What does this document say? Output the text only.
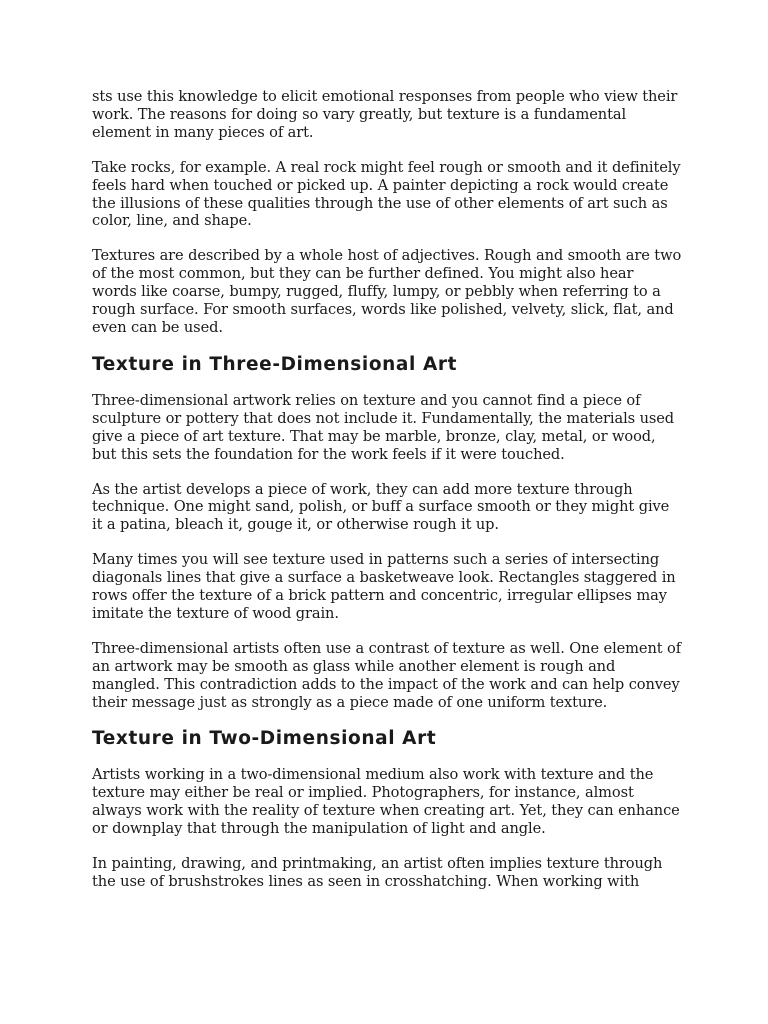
sts use this knowledge to elicit emotional responses from people who view their work. The reasons for doing so vary greatly, but texture is a fundamental element in many pieces of art.

Take rocks, for example. A real rock might feel rough or smooth and it definitely feels hard when touched or picked up. A painter depicting a rock would create the illusions of these qualities through the use of other elements of art such as color, line, and shape.

Textures are described by a whole host of adjectives. Rough and smooth are two of the most common, but they can be further defined. You might also hear words like coarse, bumpy, rugged, fluffy, lumpy, or pebbly when referring to a rough surface. For smooth surfaces, words like polished, velvety, slick, flat, and even can be used.

Texture in Three-Dimensional Art

Three-dimensional artwork relies on texture and you cannot find a piece of sculpture or pottery that does not include it. Fundamentally, the materials used give a piece of art texture. That may be marble, bronze, clay, metal, or wood, but this sets the foundation for the work feels if it were touched.

As the artist develops a piece of work, they can add more texture through technique. One might sand, polish, or buff a surface smooth or they might give it a patina, bleach it, gouge it, or otherwise rough it up.

Many times you will see texture used in patterns such a series of intersecting diagonals lines that give a surface a basketweave look. Rectangles staggered in rows offer the texture of a brick pattern and concentric, irregular ellipses may imitate the texture of wood grain.

Three-dimensional artists often use a contrast of texture as well. One element of an artwork may be smooth as glass while another element is rough and mangled. This contradiction adds to the impact of the work and can help convey their message just as strongly as a piece made of one uniform texture.

Texture in Two-Dimensional Art

Artists working in a two-dimensional medium also work with texture and the texture may either be real or implied. Photographers, for instance, almost always work with the reality of texture when creating art. Yet, they can enhance or downplay that through the manipulation of light and angle.

In painting, drawing, and printmaking, an artist often implies texture through the use of brushstrokes lines as seen in crosshatching. When working with
